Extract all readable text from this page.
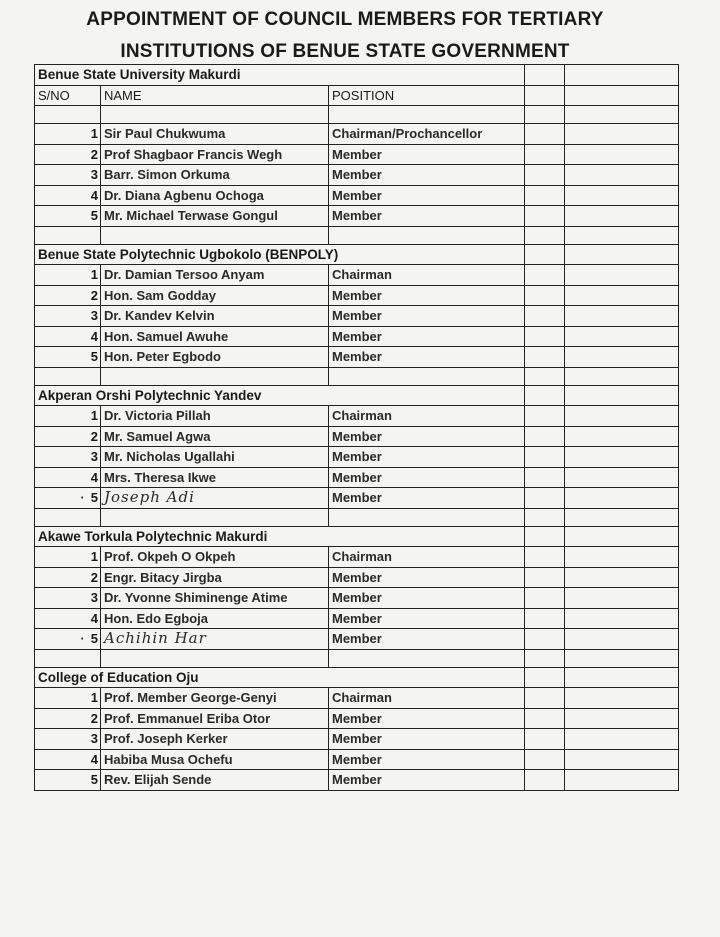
APPOINTMENT OF COUNCIL MEMBERS FOR TERTIARY
INSTITUTIONS OF BENUE STATE GOVERNMENT
Benue State University Makurdi				
S/NO	NAME	POSITION		

1	Sir Paul Chukwuma	Chairman/Prochancellor		
2	Prof Shagbaor Francis Wegh	Member		
3	Barr. Simon Orkuma	Member		
4	Dr. Diana Agbenu Ochoga	Member		
5	Mr. Michael Terwase Gongul	Member		

Benue State Polytechnic Ugbokolo (BENPOLY)				
1	Dr. Damian Tersoo Anyam	Chairman		
2	Hon. Sam Godday	Member		
3	Dr. Kandev Kelvin	Member		
4	Hon. Samuel Awuhe	Member		
5	Hon. Peter Egbodo	Member		

Akperan Orshi Polytechnic Yandev				
1	Dr. Victoria Pillah	Chairman		
2	Mr. Samuel Agwa	Member		
3	Mr. Nicholas Ugallahi	Member		
4	Mrs. Theresa Ikwe	Member		
· 5	Joseph Adi	Member		

Akawe Torkula Polytechnic Makurdi				
1	Prof. Okpeh O Okpeh	Chairman		
2	Engr. Bitacy Jirgba	Member		
3	Dr. Yvonne Shiminenge Atime	Member		
4	Hon. Edo Egboja	Member		
· 5	Achihin Har	Member		

College of Education Oju				
1	Prof. Member George-Genyi	Chairman		
2	Prof. Emmanuel Eriba Otor	Member		
3	Prof. Joseph Kerker	Member		
4	Habiba Musa Ochefu	Member		
5	Rev. Elijah Sende	Member		
